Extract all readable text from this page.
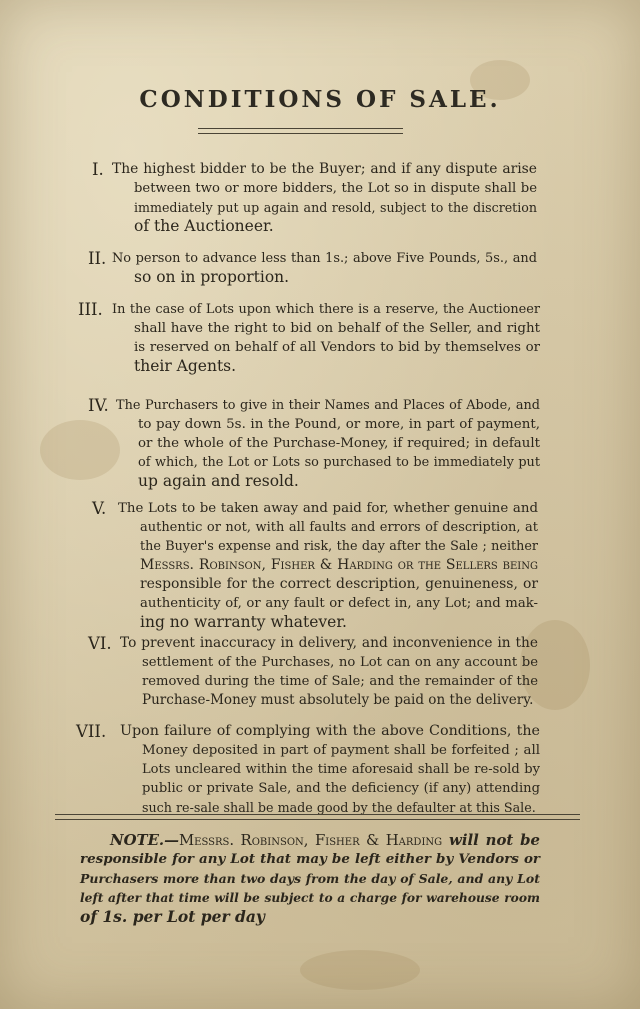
CONDITIONS OF SALE.
I. The highest bidder to be the Buyer; and if any dispute arise
between two or more bidders, the Lot so in dispute shall be
immediately put up again and resold, subject to the discretion
of the Auctioneer.
II. No person to advance less than 1s.; above Five Pounds, 5s., and
so on in proportion.
III. In the case of Lots upon which there is a reserve, the Auctioneer
shall have the right to bid on behalf of the Seller, and right
is reserved on behalf of all Vendors to bid by themselves or
their Agents.
IV. The Purchasers to give in their Names and Places of Abode, and
to pay down 5s. in the Pound, or more, in part of payment,
or the whole of the Purchase-Money, if required; in default
of which, the Lot or Lots so purchased to be immediately put
up again and resold.
V. The Lots to be taken away and paid for, whether genuine and
authentic or not, with all faults and errors of description, at
the Buyer's expense and risk, the day after the Sale ; neither
Messrs. Robinson, Fisher & Harding or the Sellers being
responsible for the correct description, genuineness, or
authenticity of, or any fault or defect in, any Lot; and mak-
ing no warranty whatever.
VI. To prevent inaccuracy in delivery, and inconvenience in the
settlement of the Purchases, no Lot can on any account be
removed during the time of Sale; and the remainder of the
Purchase-Money must absolutely be paid on the delivery.
VII. Upon failure of complying with the above Conditions, the
Money deposited in part of payment shall be forfeited ; all
Lots uncleared within the time aforesaid shall be re-sold by
public or private Sale, and the deficiency (if any) attending
such re-sale shall be made good by the defaulter at this Sale.
NOTE.—Messrs. Robinson, Fisher & Harding will not be
responsible for any Lot that may be left either by Vendors or
Purchasers more than two days from the day of Sale, and any Lot
left after that time will be subject to a charge for warehouse room
of 1s. per Lot per day
